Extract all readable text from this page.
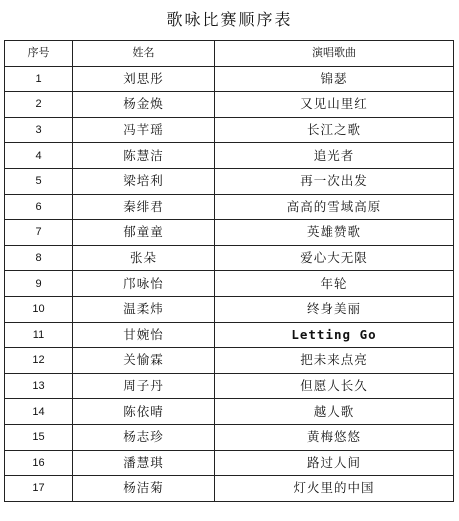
歌咏比赛顺序表
序号	姓名	演唱歌曲
1	刘思彤	锦瑟
2	杨金焕	又见山里红
3	冯芊瑶	长江之歌
4	陈慧洁	追光者
5	梁培利	再一次出发
6	秦绯君	高高的雪域高原
7	郁童童	英雄赞歌
8	张朵	爱心大无限
9	邝咏怡	年轮
10	温柔炜	终身美丽
11	甘婉怡	Letting Go
12	关愉霖	把未来点亮
13	周子丹	但愿人长久
14	陈依晴	越人歌
15	杨志珍	黄梅悠悠
16	潘慧琪	路过人间
17	杨洁菊	灯火里的中国
